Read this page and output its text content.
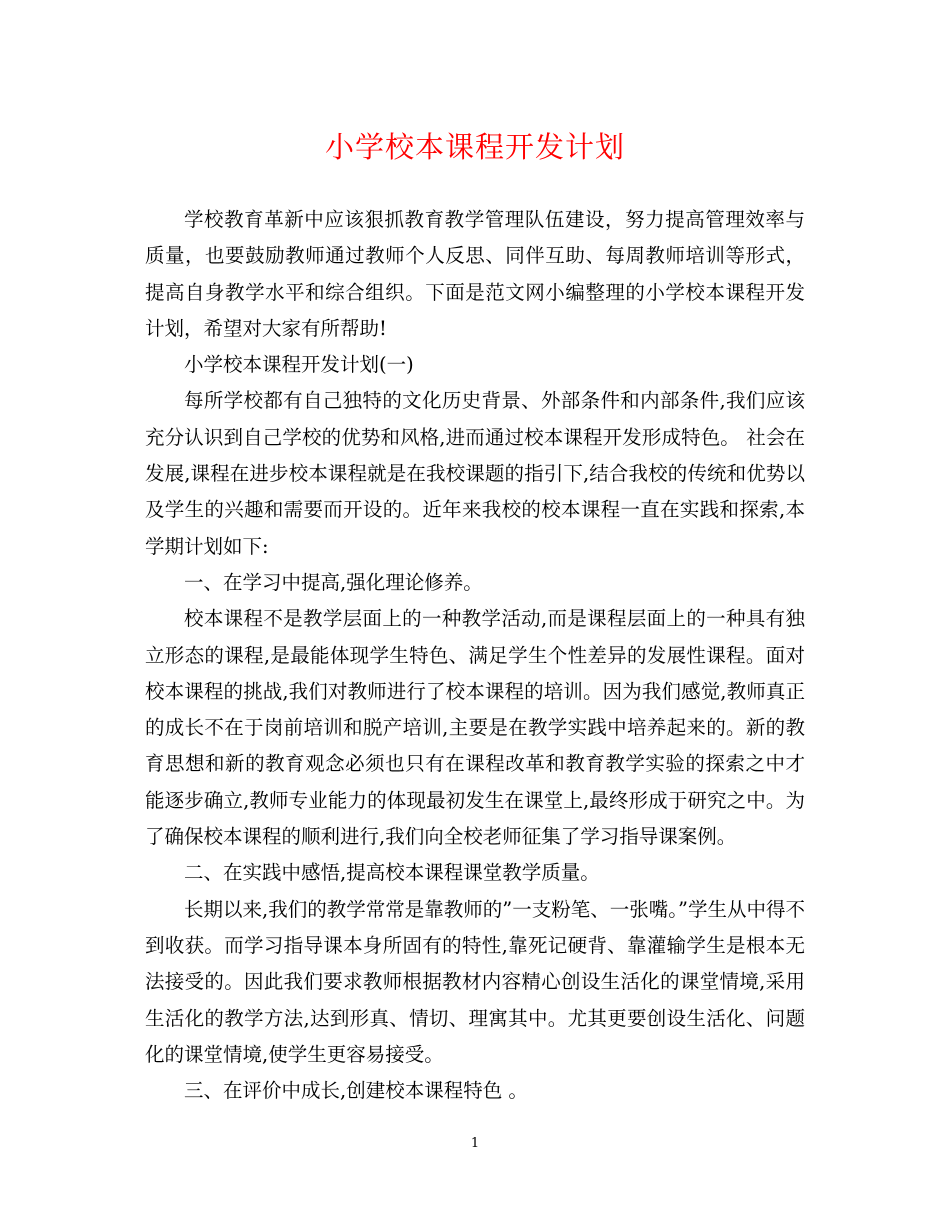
小学校本课程开发计划

学校教育革新中应该狠抓教育教学管理队伍建设，努力提高管理效率与质量，也要鼓励教师通过教师个人反思、同伴互助、每周教师培训等形式，提高自身教学水平和综合组织。下面是范文网小编整理的小学校本课程开发计划，希望对大家有所帮助!

小学校本课程开发计划(一)

每所学校都有自己独特的文化历史背景、外部条件和内部条件,我们应该充分认识到自己学校的优势和风格,进而通过校本课程开发形成特色。 社会在发展,课程在进步校本课程就是在我校课题的指引下,结合我校的传统和优势以及学生的兴趣和需要而开设的。近年来我校的校本课程一直在实践和探索,本学期计划如下:

一、在学习中提高,强化理论修养。

校本课程不是教学层面上的一种教学活动,而是课程层面上的一种具有独立形态的课程,是最能体现学生特色、满足学生个性差异的发展性课程。面对校本课程的挑战,我们对教师进行了校本课程的培训。因为我们感觉,教师真正的成长不在于岗前培训和脱产培训,主要是在教学实践中培养起来的。新的教育思想和新的教育观念必须也只有在课程改革和教育教学实验的探索之中才能逐步确立,教师专业能力的体现最初发生在课堂上,最终形成于研究之中。为了确保校本课程的顺利进行,我们向全校老师征集了学习指导课案例。

二、在实践中感悟,提高校本课程课堂教学质量。

长期以来,我们的教学常常是靠教师的”一支粉笔、一张嘴。”学生从中得不到收获。而学习指导课本身所固有的特性,靠死记硬背、靠灌输学生是根本无法接受的。因此我们要求教师根据教材内容精心创设生活化的课堂情境,采用生活化的教学方法,达到形真、情切、理寓其中。尤其更要创设生活化、问题化的课堂情境,使学生更容易接受。

三、在评价中成长,创建校本课程特色 。

1
